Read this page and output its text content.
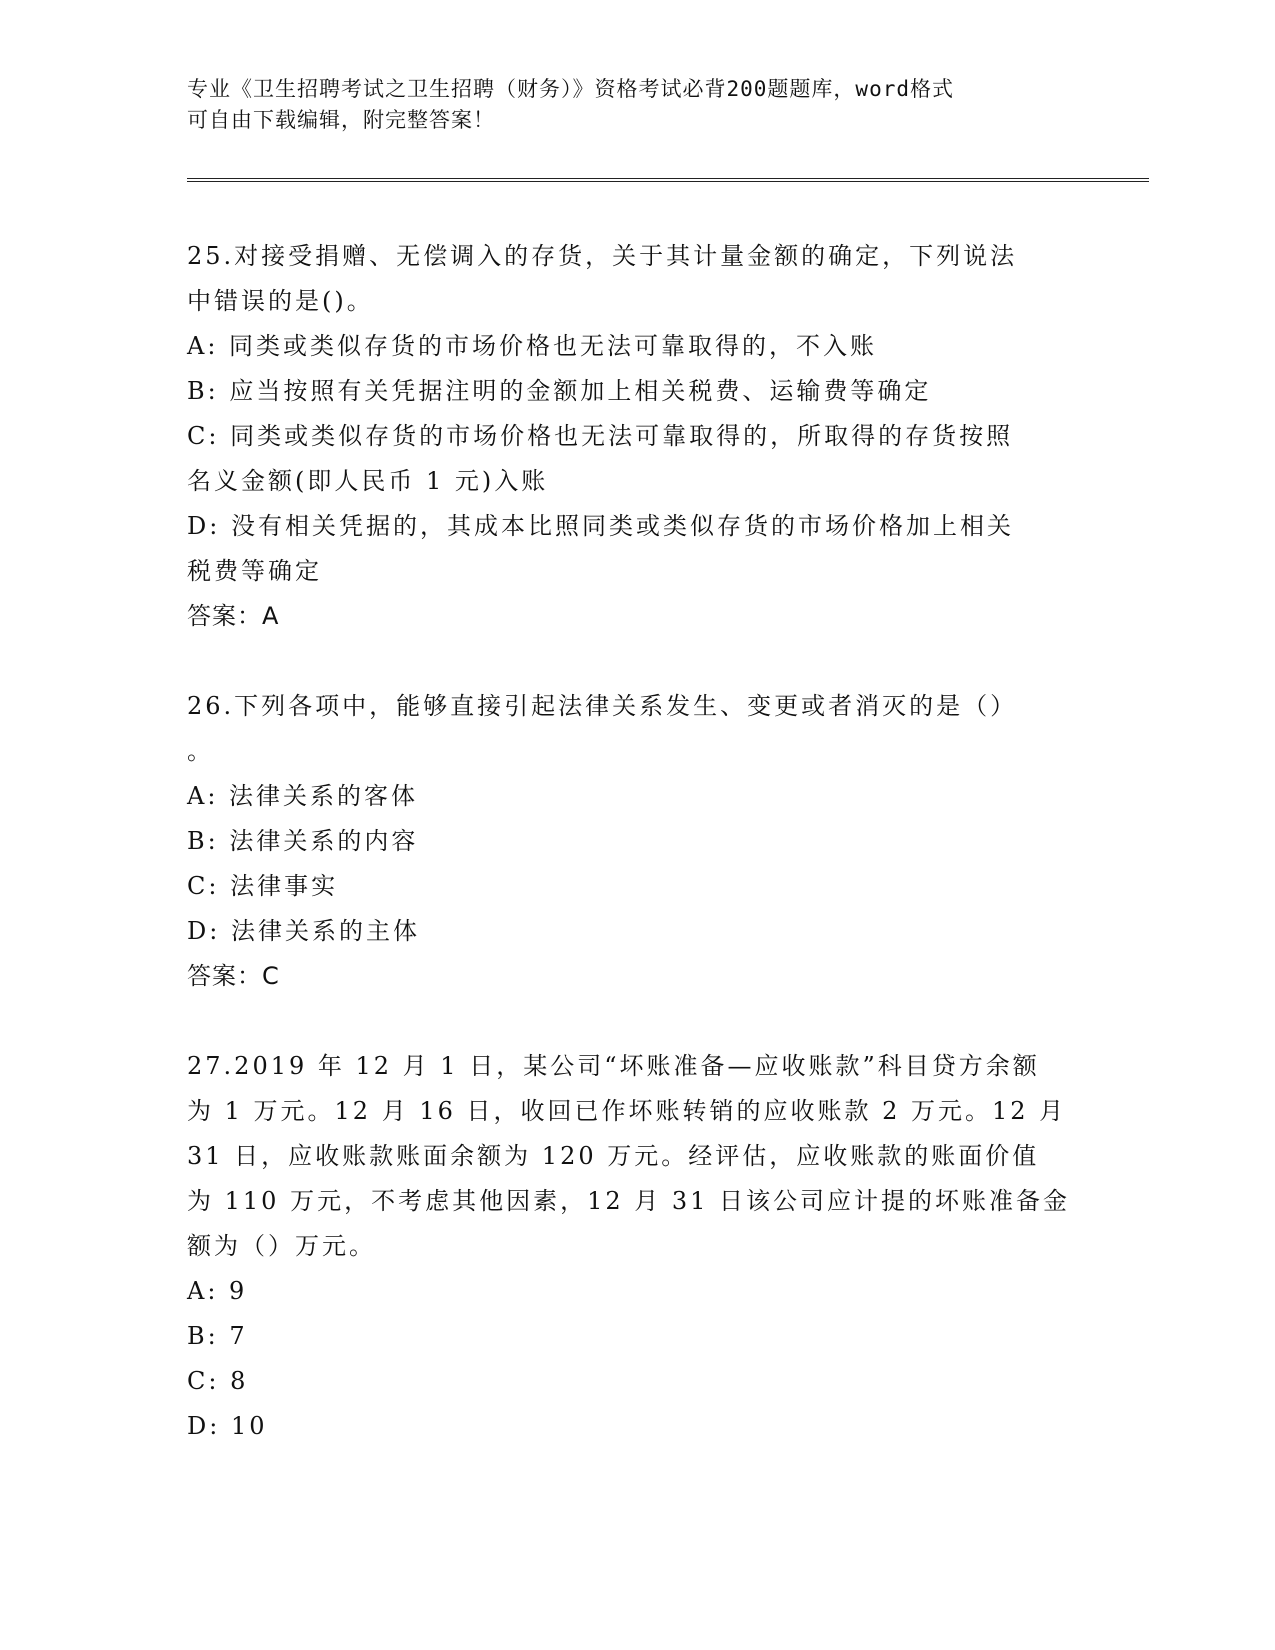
专业《卫生招聘考试之卫生招聘（财务）》资格考试必背200题题库，word格式
可自由下载编辑，附完整答案！
25.对接受捐赠、无偿调入的存货，关于其计量金额的确定，下列说法
中错误的是()。
A: 同类或类似存货的市场价格也无法可靠取得的，不入账
B: 应当按照有关凭据注明的金额加上相关税费、运输费等确定
C: 同类或类似存货的市场价格也无法可靠取得的，所取得的存货按照
名义金额(即人民币 1 元)入账
D: 没有相关凭据的，其成本比照同类或类似存货的市场价格加上相关
税费等确定
答案：A
26.下列各项中，能够直接引起法律关系发生、变更或者消灭的是（）
。
A: 法律关系的客体
B: 法律关系的内容
C: 法律事实
D: 法律关系的主体
答案：C
27.2019 年 12 月 1 日，某公司“坏账准备—应收账款”科目贷方余额
为 1 万元。12 月 16 日，收回已作坏账转销的应收账款 2 万元。12 月
31 日，应收账款账面余额为 120 万元。经评估，应收账款的账面价值
为 110 万元，不考虑其他因素，12 月 31 日该公司应计提的坏账准备金
额为（）万元。
A: 9
B: 7
C: 8
D: 10
